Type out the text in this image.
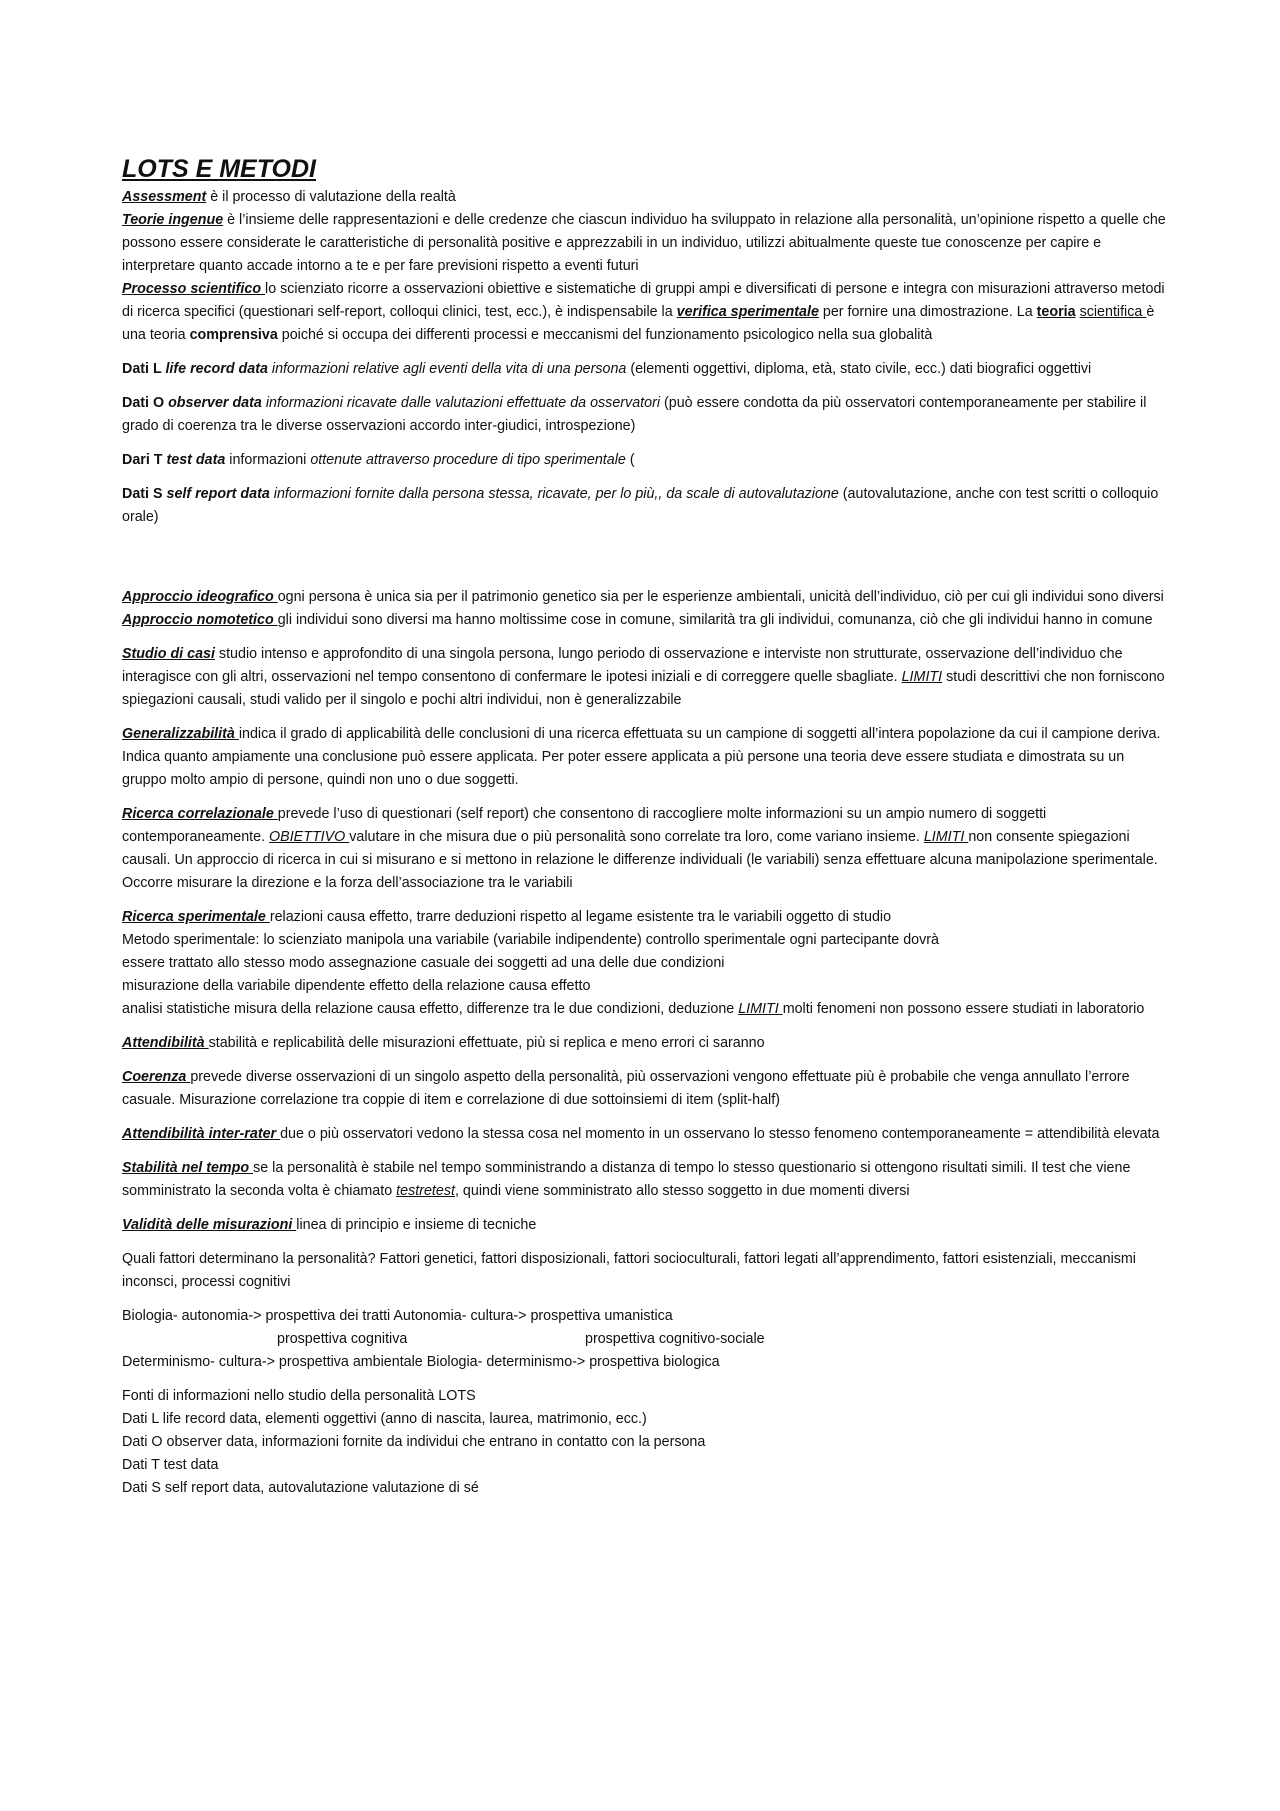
LOTS E METODI

Assessment è il processo di valutazione della realtà

Teorie ingenue è l’insieme delle rappresentazioni e delle credenze che ciascun individuo ha sviluppato in relazione alla personalità, un’opinione rispetto a quelle che possono essere considerate le caratteristiche di personalità positive e apprezzabili in un individuo, utilizzi abitualmente queste tue conoscenze per capire e interpretare quanto accade intorno a te e per fare previsioni rispetto a eventi futuri

Processo scientifico lo scienziato ricorre a osservazioni obiettive e sistematiche di gruppi ampi e diversificati di persone e integra con misurazioni attraverso metodi di ricerca specifici (questionari self-report, colloqui clinici, test, ecc.), è indispensabile la verifica sperimentale per fornire una dimostrazione. La teoria scientifica è una teoria comprensiva poiché si occupa dei differenti processi e meccanismi del funzionamento psicologico nella sua globalità

Dati L life record data informazioni relative agli eventi della vita di una persona (elementi oggettivi, diploma, età, stato civile, ecc.) dati biografici oggettivi

Dati O observer data informazioni ricavate dalle valutazioni effettuate da osservatori (può essere condotta da più osservatori contemporaneamente per stabilire il grado di coerenza tra le diverse osservazioni accordo inter-giudici, introspezione)

Dari T test data informazioni ottenute attraverso procedure di tipo sperimentale (

Dati S self report data informazioni fornite dalla persona stessa, ricavate, per lo più,, da scale di autovalutazione (autovalutazione, anche con test scritti o colloquio orale)

Approccio ideografico ogni persona è unica sia per il patrimonio genetico sia per le esperienze ambientali, unicità dell’individuo, ciò per cui gli individui sono diversi

Approccio nomotetico gli individui sono diversi ma hanno moltissime cose in comune, similarità tra gli individui, comunanza, ciò che gli individui hanno in comune

Studio di casi studio intenso e approfondito di una singola persona, lungo periodo di osservazione e interviste non strutturate, osservazione dell’individuo che interagisce con gli altri, osservazioni nel tempo consentono di confermare le ipotesi iniziali e di correggere quelle sbagliate. LIMITI studi descrittivi che non forniscono spiegazioni causali, studi valido per il singolo e pochi altri individui, non è generalizzabile

Generalizzabilità indica il grado di applicabilità delle conclusioni di una ricerca effettuata su un campione di soggetti all’intera popolazione da cui il campione deriva. Indica quanto ampiamente una conclusione può essere applicata. Per poter essere applicata a più persone una teoria deve essere studiata e dimostrata su un gruppo molto ampio di persone, quindi non uno o due soggetti.

Ricerca correlazionale prevede l’uso di questionari (self report) che consentono di raccogliere molte informazioni su un ampio numero di soggetti contemporaneamente. OBIETTIVO valutare in che misura due o più personalità sono correlate tra loro, come variano insieme. LIMITI non consente spiegazioni causali. Un approccio di ricerca in cui si misurano e si mettono in relazione le differenze individuali (le variabili) senza effettuare alcuna manipolazione sperimentale.

Occorre misurare la direzione e la forza dell’associazione tra le variabili

Ricerca sperimentale relazioni causa effetto, trarre deduzioni rispetto al legame esistente tra le variabili oggetto di studio

Metodo sperimentale: lo scienziato manipola una variabile (variabile indipendente) controllo sperimentale ogni partecipante dovrà

essere trattato allo stesso modo assegnazione casuale dei soggetti ad una delle due condizioni

misurazione della variabile dipendente effetto della relazione causa effetto

analisi statistiche misura della relazione causa effetto, differenze tra le due condizioni, deduzione LIMITI molti fenomeni non possono essere studiati in laboratorio

Attendibilità stabilità e replicabilità delle misurazioni effettuate, più si replica e meno errori ci saranno

Coerenza prevede diverse osservazioni di un singolo aspetto della personalità, più osservazioni vengono effettuate più è probabile che venga annullato l’errore casuale. Misurazione correlazione tra coppie di item e correlazione di due sottoinsiemi di item (split-half)

Attendibilità inter-rater due o più osservatori vedono la stessa cosa nel momento in un osservano lo stesso fenomeno contemporaneamente = attendibilità elevata

Stabilità nel tempo se la personalità è stabile nel tempo somministrando a distanza di tempo lo stesso questionario si ottengono risultati simili. Il test che viene somministrato la seconda volta è chiamato testretest, quindi viene somministrato allo stesso soggetto in due momenti diversi

Validità delle misurazioni linea di principio e insieme di tecniche

Quali fattori determinano la personalità? Fattori genetici, fattori disposizionali, fattori socioculturali, fattori legati all’apprendimento, fattori esistenziali, meccanismi inconsci, processi cognitivi

Biologia- autonomia-> prospettiva dei tratti Autonomia- cultura-> prospettiva umanistica

prospettiva cognitiva	prospettiva cognitivo-sociale

Determinismo- cultura-> prospettiva ambientale Biologia- determinismo-> prospettiva biologica

Fonti di informazioni nello studio della personalità LOTS

Dati L life record data, elementi oggettivi (anno di nascita, laurea, matrimonio, ecc.)

Dati O observer data, informazioni fornite da individui che entrano in contatto con la persona

Dati T test data

Dati S self report data, autovalutazione valutazione di sé
